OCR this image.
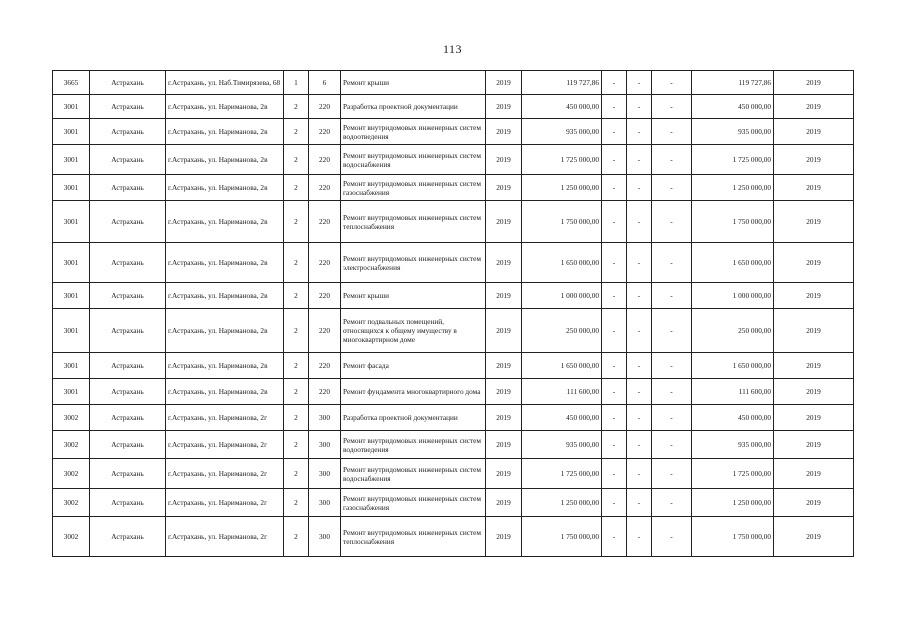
113
3665	Астрахань	г.Астрахань, ул. Наб.Тимирязева, 68	1	6	Ремонт крыши	2019	119 727,86	-	-	-	119 727,86	2019
3001	Астрахань	г.Астрахань, ул. Нариманова, 2в	2	220	Разработка проектной документации	2019	450 000,00	-	-	-	450 000,00	2019
3001	Астрахань	г.Астрахань, ул. Нариманова, 2в	2	220	Ремонт внутридомовых инженерных систем водоотведения	2019	935 000,00	-	-	-	935 000,00	2019
3001	Астрахань	г.Астрахань, ул. Нариманова, 2в	2	220	Ремонт внутридомовых инженерных систем водоснабжения	2019	1 725 000,00	-	-	-	1 725 000,00	2019
3001	Астрахань	г.Астрахань, ул. Нариманова, 2в	2	220	Ремонт внутридомовых инженерных систем газоснабжения	2019	1 250 000,00	-	-	-	1 250 000,00	2019
3001	Астрахань	г.Астрахань, ул. Нариманова, 2в	2	220	Ремонт внутридомовых инженерных систем теплоснабжения	2019	1 750 000,00	-	-	-	1 750 000,00	2019
3001	Астрахань	г.Астрахань, ул. Нариманова, 2в	2	220	Ремонт внутридомовых инженерных систем электроснабжения	2019	1 650 000,00	-	-	-	1 650 000,00	2019
3001	Астрахань	г.Астрахань, ул. Нариманова, 2в	2	220	Ремонт крыши	2019	1 000 000,00	-	-	-	1 000 000,00	2019
3001	Астрахань	г.Астрахань, ул. Нариманова, 2в	2	220	Ремонт подвальных помещений, относящихся к общему имуществу в многоквартирном доме	2019	250 000,00	-	-	-	250 000,00	2019
3001	Астрахань	г.Астрахань, ул. Нариманова, 2в	2	220	Ремонт фасада	2019	1 650 000,00	-	-	-	1 650 000,00	2019
3001	Астрахань	г.Астрахань, ул. Нариманова, 2в	2	220	Ремонт фундамента многоквартирного дома	2019	111 600,00	-	-	-	111 600,00	2019
3002	Астрахань	г.Астрахань, ул. Нариманова, 2г	2	300	Разработка проектной документации	2019	450 000,00	-	-	-	450 000,00	2019
3002	Астрахань	г.Астрахань, ул. Нариманова, 2г	2	300	Ремонт внутридомовых инженерных систем водоотведения	2019	935 000,00	-	-	-	935 000,00	2019
3002	Астрахань	г.Астрахань, ул. Нариманова, 2г	2	300	Ремонт внутридомовых инженерных систем водоснабжения	2019	1 725 000,00	-	-	-	1 725 000,00	2019
3002	Астрахань	г.Астрахань, ул. Нариманова, 2г	2	300	Ремонт внутридомовых инженерных систем газоснабжения	2019	1 250 000,00	-	-	-	1 250 000,00	2019
3002	Астрахань	г.Астрахань, ул. Нариманова, 2г	2	300	Ремонт внутридомовых инженерных систем теплоснабжения	2019	1 750 000,00	-	-	-	1 750 000,00	2019
